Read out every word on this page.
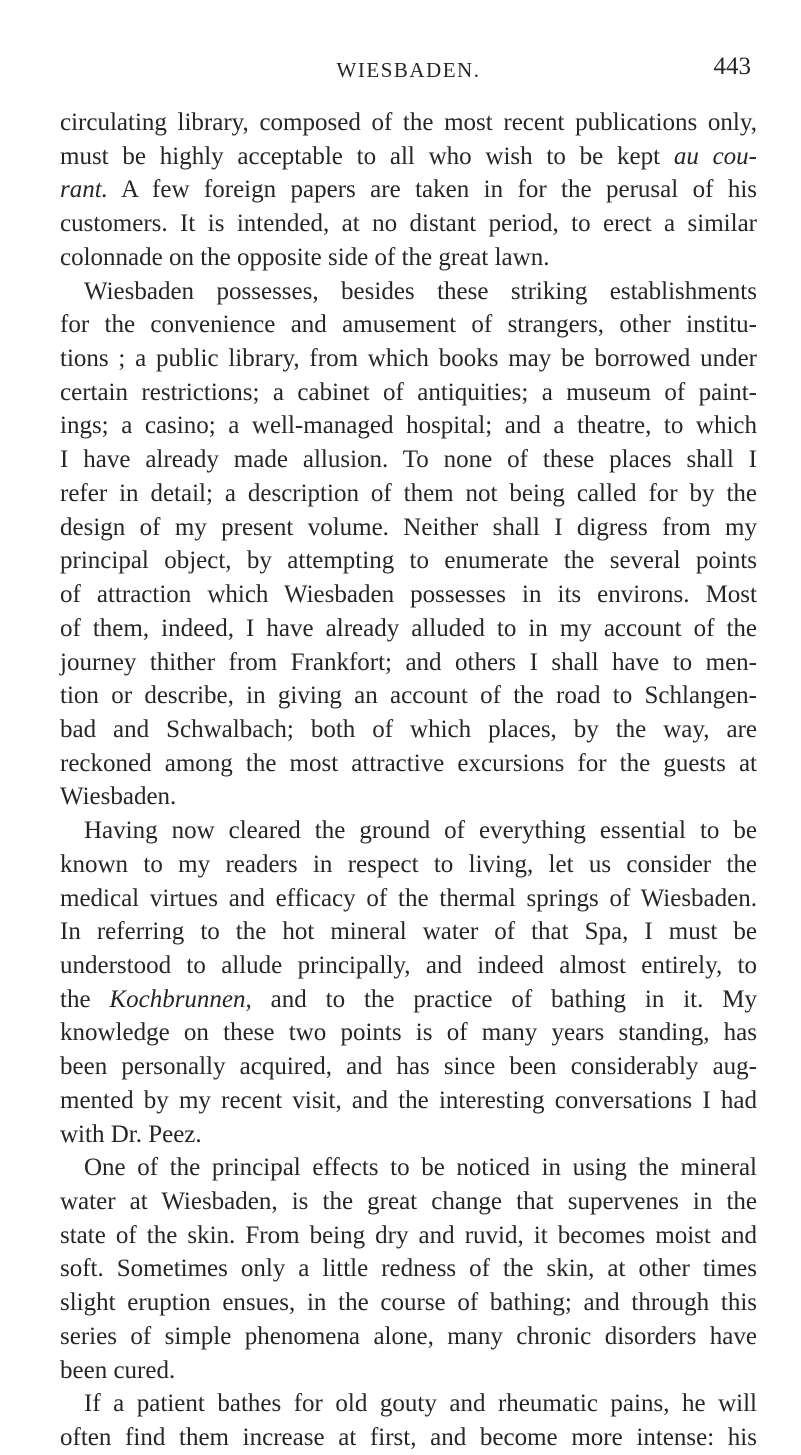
WIESBADEN.	443
circulating library, composed of the most recent publications only,
must be highly acceptable to all who wish to be kept au cou-
rant. A few foreign papers are taken in for the perusal of his
customers. It is intended, at no distant period, to erect a similar
colonnade on the opposite side of the great lawn.
Wiesbaden possesses, besides these striking establishments
for the convenience and amusement of strangers, other institu-
tions ; a public library, from which books may be borrowed under
certain restrictions; a cabinet of antiquities; a museum of paint-
ings; a casino; a well-managed hospital; and a theatre, to which
I have already made allusion. To none of these places shall I
refer in detail; a description of them not being called for by the
design of my present volume. Neither shall I digress from my
principal object, by attempting to enumerate the several points
of attraction which Wiesbaden possesses in its environs. Most
of them, indeed, I have already alluded to in my account of the
journey thither from Frankfort; and others I shall have to men-
tion or describe, in giving an account of the road to Schlangen-
bad and Schwalbach; both of which places, by the way, are
reckoned among the most attractive excursions for the guests at
Wiesbaden.
Having now cleared the ground of everything essential to be
known to my readers in respect to living, let us consider the
medical virtues and efficacy of the thermal springs of Wiesbaden.
In referring to the hot mineral water of that Spa, I must be
understood to allude principally, and indeed almost entirely, to
the Kochbrunnen, and to the practice of bathing in it. My
knowledge on these two points is of many years standing, has
been personally acquired, and has since been considerably aug-
mented by my recent visit, and the interesting conversations I had
with Dr. Peez.
One of the principal effects to be noticed in using the mineral
water at Wiesbaden, is the great change that supervenes in the
state of the skin. From being dry and ruvid, it becomes moist and
soft. Sometimes only a little redness of the skin, at other times
slight eruption ensues, in the course of bathing; and through this
series of simple phenomena alone, many chronic disorders have
been cured.
If a patient bathes for old gouty and rheumatic pains, he will
often find them increase at first, and become more intense: his
